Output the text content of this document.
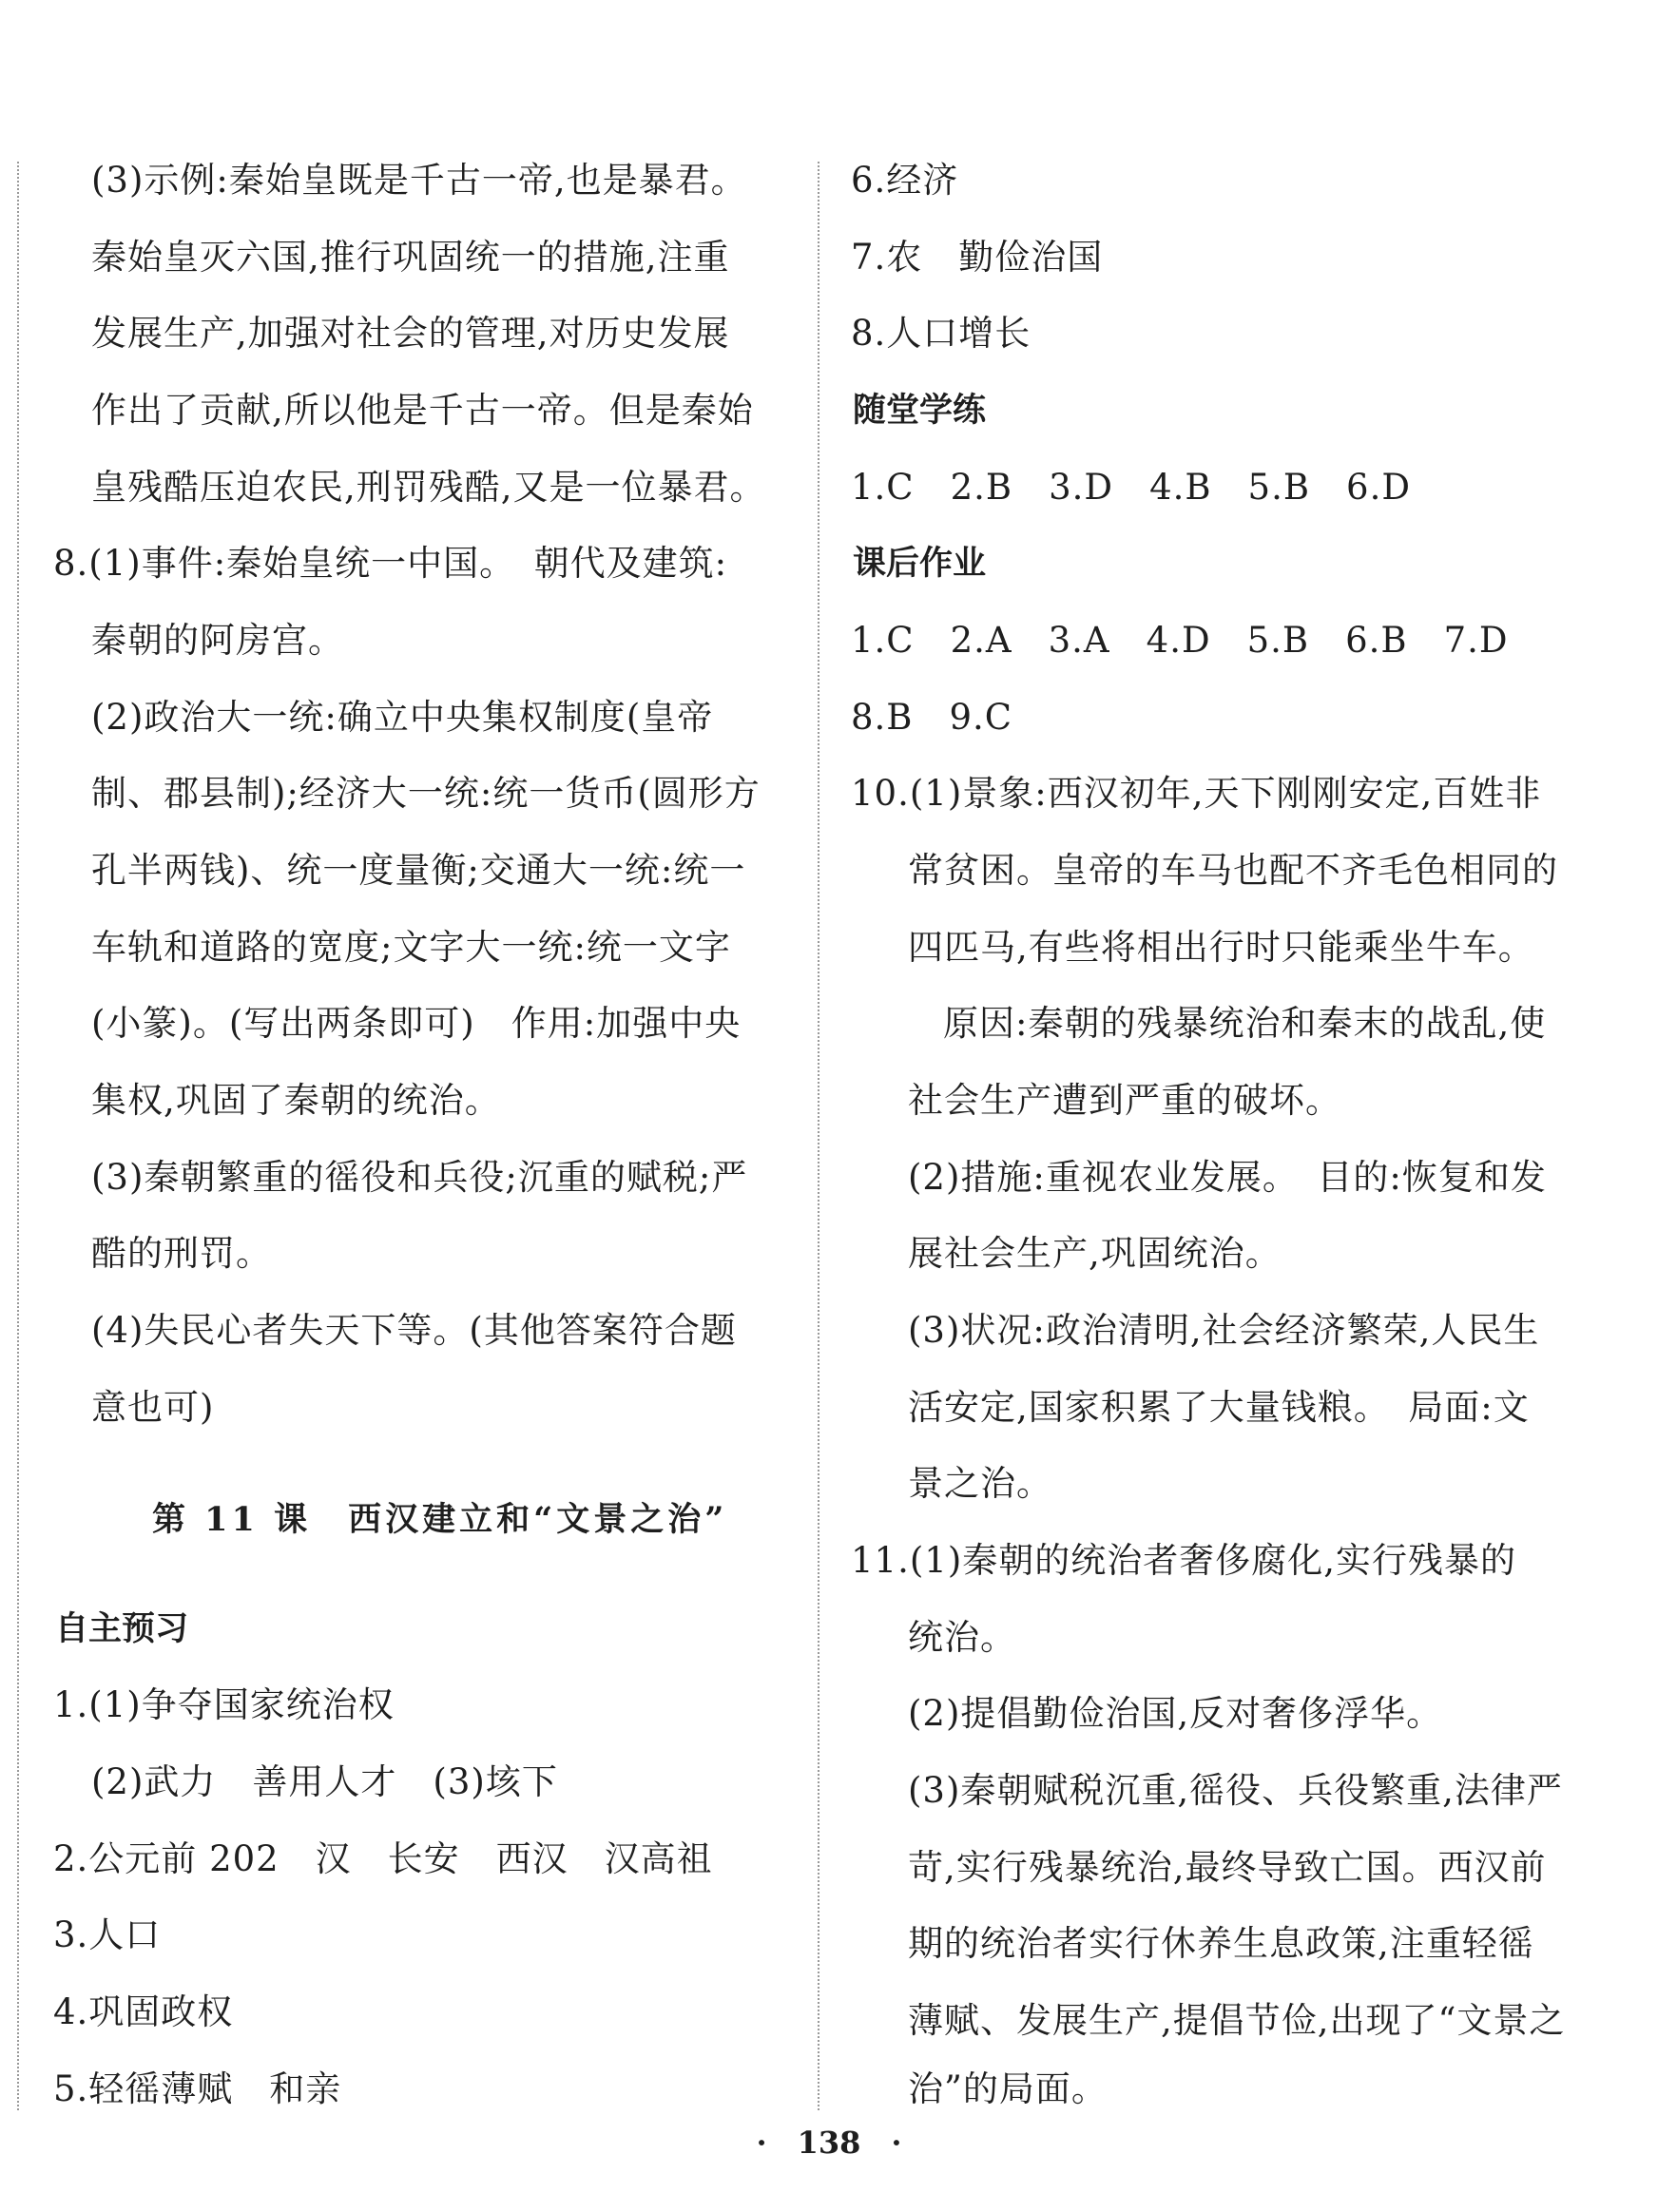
(3)示例:秦始皇既是千古一帝,也是暴君。
秦始皇灭六国,推行巩固统一的措施,注重
发展生产,加强对社会的管理,对历史发展
作出了贡献,所以他是千古一帝。但是秦始
皇残酷压迫农民,刑罚残酷,又是一位暴君。
8.(1)事件:秦始皇统一中国。　朝代及建筑:
秦朝的阿房宫。
(2)政治大一统:确立中央集权制度(皇帝
制、郡县制);经济大一统:统一货币(圆形方
孔半两钱)、统一度量衡;交通大一统:统一
车轨和道路的宽度;文字大一统:统一文字
(小篆)。(写出两条即可)　作用:加强中央
集权,巩固了秦朝的统治。
(3)秦朝繁重的徭役和兵役;沉重的赋税;严
酷的刑罚。
(4)失民心者失天下等。(其他答案符合题
意也可)
第 11 课　西汉建立和“文景之治”
自主预习
1.(1)争夺国家统治权
(2)武力　善用人才　(3)垓下
2.公元前 202　汉　长安　西汉　汉高祖
3.人口
4.巩固政权
5.轻徭薄赋　和亲
6.经济
7.农　勤俭治国
8.人口增长
随堂学练
1.C　2.B　3.D　4.B　5.B　6.D
课后作业
1.C　2.A　3.A　4.D　5.B　6.B　7.D
8.B　9.C
10.(1)景象:西汉初年,天下刚刚安定,百姓非
常贫困。皇帝的车马也配不齐毛色相同的
四匹马,有些将相出行时只能乘坐牛车。
原因:秦朝的残暴统治和秦末的战乱,使
社会生产遭到严重的破坏。
(2)措施:重视农业发展。　目的:恢复和发
展社会生产,巩固统治。
(3)状况:政治清明,社会经济繁荣,人民生
活安定,国家积累了大量钱粮。　局面:文
景之治。
11.(1)秦朝的统治者奢侈腐化,实行残暴的
统治。
(2)提倡勤俭治国,反对奢侈浮华。
(3)秦朝赋税沉重,徭役、兵役繁重,法律严
苛,实行残暴统治,最终导致亡国。西汉前
期的统治者实行休养生息政策,注重轻徭
薄赋、发展生产,提倡节俭,出现了“文景之
治”的局面。
·　138　·
